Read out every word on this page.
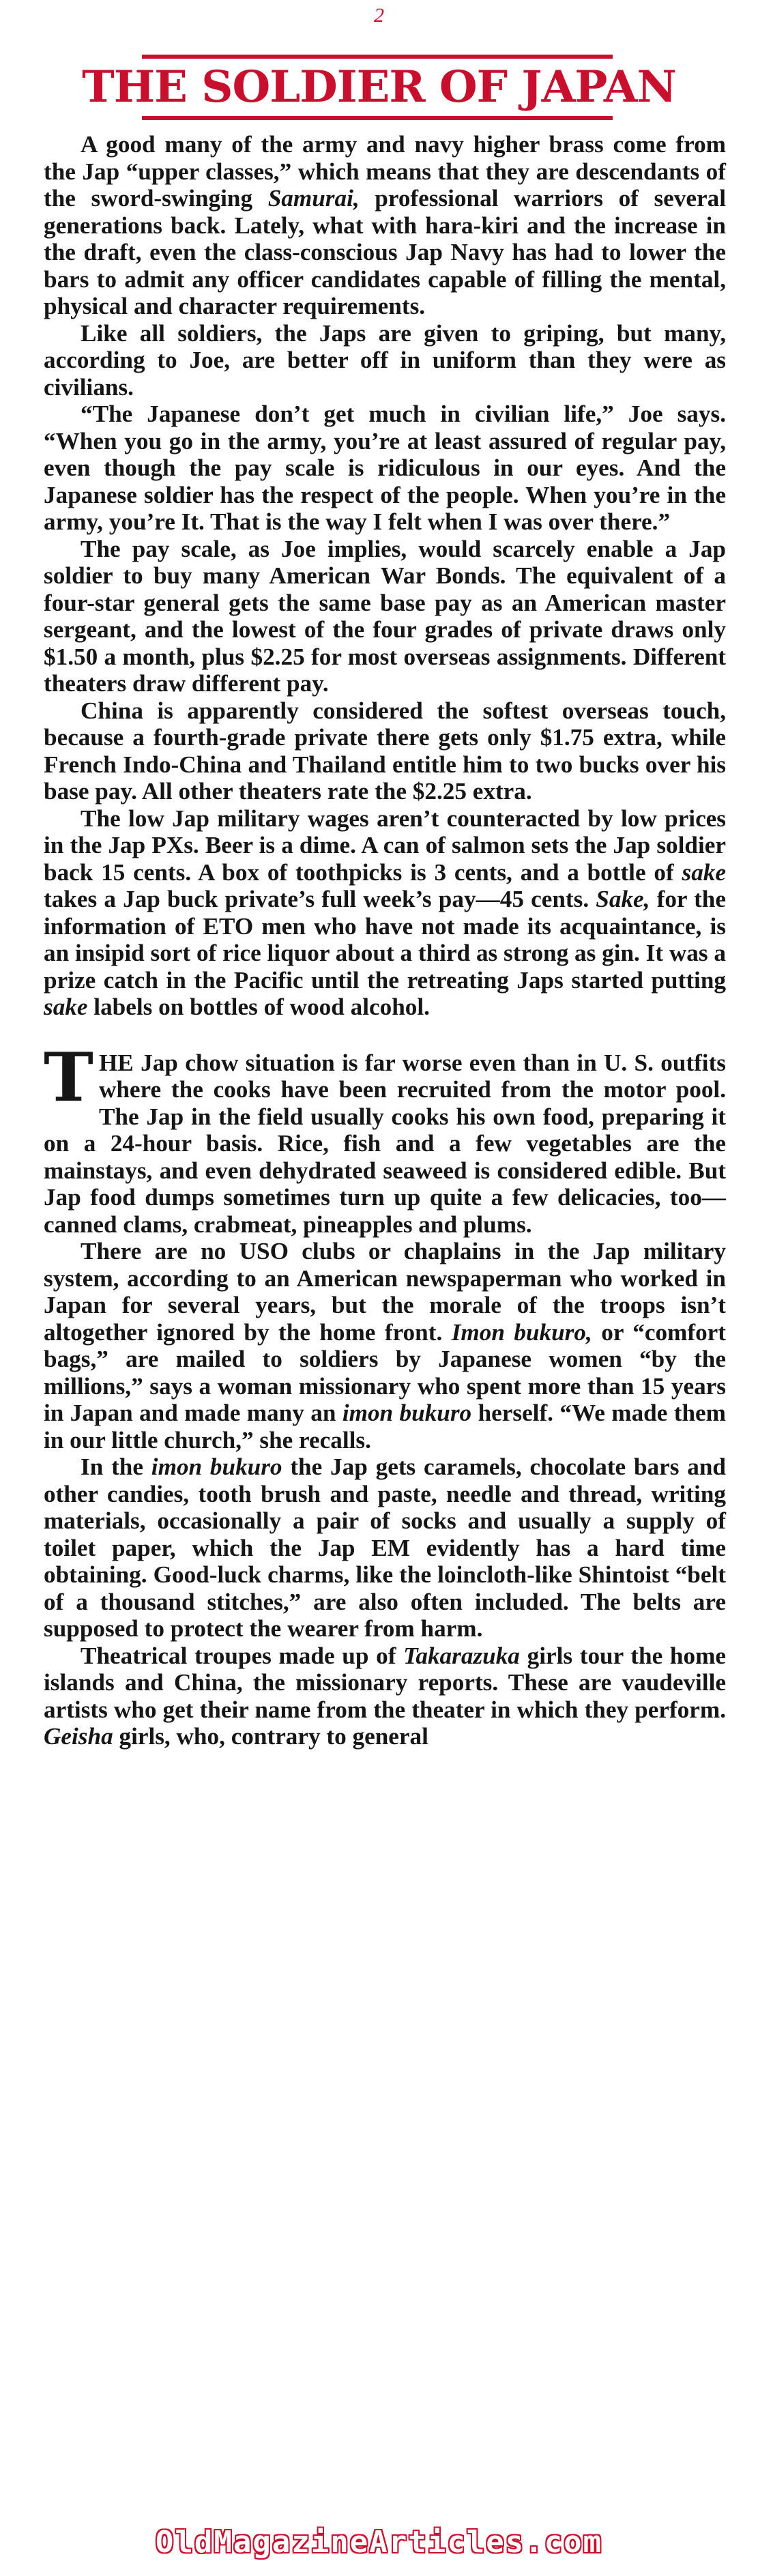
2
THE SOLDIER OF JAPAN

A good many of the army and navy higher brass come from the Jap “upper classes,” which means that they are descendants of the sword-swinging Samurai, professional warriors of several generations back. Lately, what with hara-kiri and the increase in the draft, even the class-conscious Jap Navy has had to lower the bars to admit any officer candidates capable of filling the mental, physical and character requirements.

Like all soldiers, the Japs are given to griping, but many, according to Joe, are better off in uniform than they were as civilians.

“The Japanese don’t get much in civilian life,” Joe says. “When you go in the army, you’re at least assured of regular pay, even though the pay scale is ridiculous in our eyes. And the Japanese soldier has the respect of the people. When you’re in the army, you’re It. That is the way I felt when I was over there.”

The pay scale, as Joe implies, would scarcely enable a Jap soldier to buy many American War Bonds. The equivalent of a four-star general gets the same base pay as an American master sergeant, and the lowest of the four grades of private draws only $1.50 a month, plus $2.25 for most overseas assignments. Different theaters draw different pay.

China is apparently considered the softest overseas touch, because a fourth-grade private there gets only $1.75 extra, while French Indo-China and Thailand entitle him to two bucks over his base pay. All other theaters rate the $2.25 extra.

The low Jap military wages aren’t counteracted by low prices in the Jap PXs. Beer is a dime. A can of salmon sets the Jap soldier back 15 cents. A box of toothpicks is 3 cents, and a bottle of sake takes a Jap buck private’s full week’s pay—45 cents. Sake, for the information of ETO men who have not made its acquaintance, is an insipid sort of rice liquor about a third as strong as gin. It was a prize catch in the Pacific until the retreating Japs started putting sake labels on bottles of wood alcohol.

THE Jap chow situation is far worse even than in U. S. outfits where the cooks have been recruited from the motor pool. The Jap in the field usually cooks his own food, preparing it on a 24-hour basis. Rice, fish and a few vegetables are the mainstays, and even dehydrated seaweed is considered edible. But Jap food dumps sometimes turn up quite a few delicacies, too—canned clams, crabmeat, pineapples and plums.

There are no USO clubs or chaplains in the Jap military system, according to an American newspaperman who worked in Japan for several years, but the morale of the troops isn’t altogether ignored by the home front. Imon bukuro, or “comfort bags,” are mailed to soldiers by Japanese women “by the millions,” says a woman missionary who spent more than 15 years in Japan and made many an imon bukuro herself. “We made them in our little church,” she recalls.

In the imon bukuro the Jap gets caramels, chocolate bars and other candies, tooth brush and paste, needle and thread, writing materials, occasionally a pair of socks and usually a supply of toilet paper, which the Jap EM evidently has a hard time obtaining. Good-luck charms, like the loincloth-like Shintoist “belt of a thousand stitches,” are also often included. The belts are supposed to protect the wearer from harm.

Theatrical troupes made up of Takarazuka girls tour the home islands and China, the missionary reports. These are vaudeville artists who get their name from the theater in which they perform. Geisha girls, who, contrary to general

OldMagazineArticles.com
